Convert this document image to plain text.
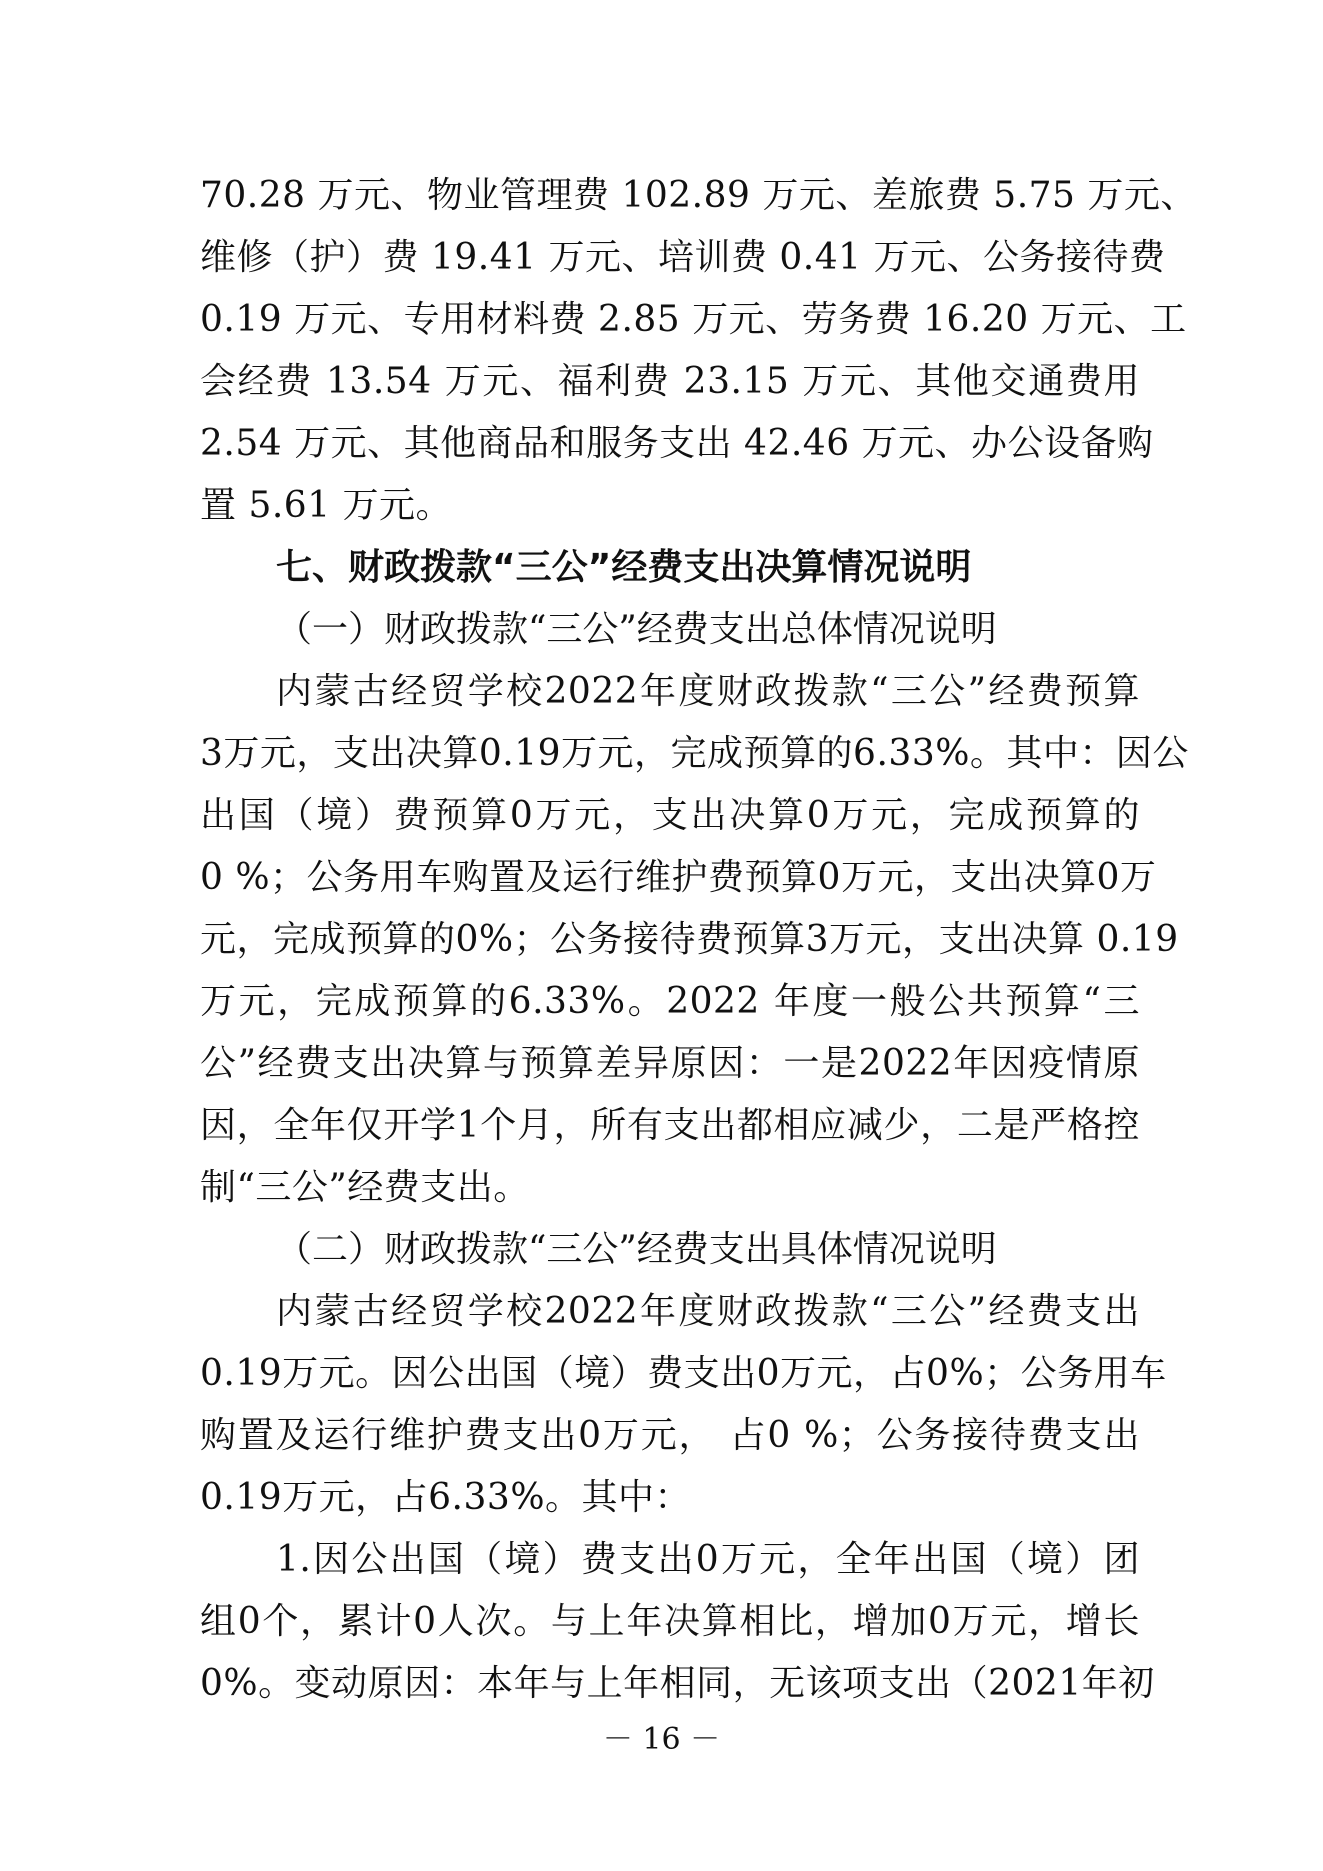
70.28 万元、物业管理费 102.89 万元、差旅费 5.75 万元、
维修（护）费 19.41 万元、培训费 0.41 万元、公务接待费
0.19 万元、专用材料费 2.85 万元、劳务费 16.20 万元、工
会经费 13.54 万元、福利费 23.15 万元、其他交通费用
2.54 万元、其他商品和服务支出 42.46 万元、办公设备购
置 5.61 万元。
七、财政拨款“三公”经费支出决算情况说明
（一）财政拨款“三公”经费支出总体情况说明
内蒙古经贸学校2022年度财政拨款“三公”经费预算
3万元，支出决算0.19万元，完成预算的6.33%。其中：因公
出国（境）费预算0万元，支出决算0万元，完成预算的
0 %；公务用车购置及运行维护费预算0万元，支出决算0万
元，完成预算的0%；公务接待费预算3万元，支出决算 0.19
万元，完成预算的6.33%。2022 年度一般公共预算“三
公”经费支出决算与预算差异原因：一是2022年因疫情原
因，全年仅开学1个月，所有支出都相应减少，二是严格控
制“三公”经费支出。
（二）财政拨款“三公”经费支出具体情况说明
内蒙古经贸学校2022年度财政拨款“三公”经费支出
0.19万元。因公出国（境）费支出0万元，占0%；公务用车
购置及运行维护费支出0万元， 占0 %；公务接待费支出
0.19万元，占6.33%。其中：
1.因公出国（境）费支出0万元，全年出国（境）团
组0个，累计0人次。与上年决算相比，增加0万元，增长
0%。变动原因：本年与上年相同，无该项支出（2021年初
－ 16 －
